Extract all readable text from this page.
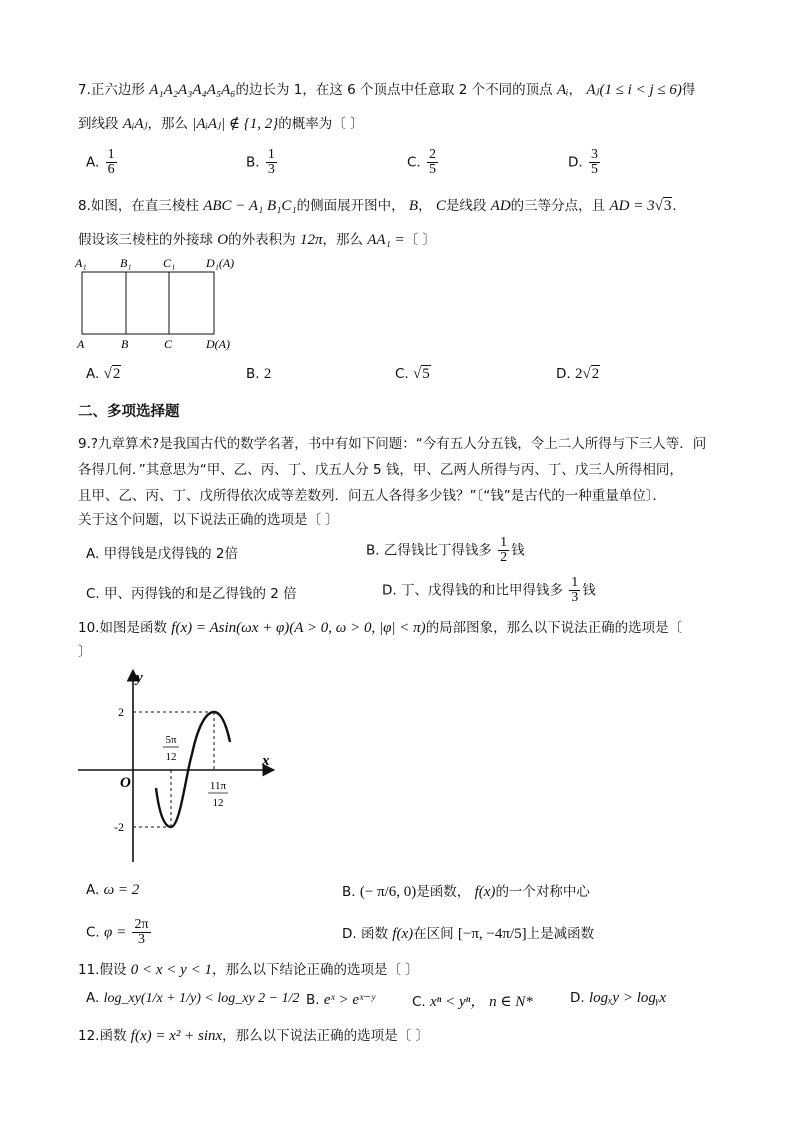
7.正六边形 A₁A₂A₃A₄A₅A₆的边长为 1，在这 6 个顶点中任意取 2 个不同的顶点 Aᵢ， Aⱼ(1 ≤ i < j ≤ 6)得
到线段 AᵢAⱼ，那么 |AᵢAⱼ| ∉ {1, 2}的概率为〔 〕
A. $\frac{1}{6}$	B. $\frac{1}{3}$	C. $\frac{2}{5}$	D. $\frac{3}{5}$
8.如图，在直三棱柱 ABC − A₁ B₁C₁的侧面展开图中， B， C是线段 AD的三等分点，且 AD = 3√3．
假设该三棱柱的外接球 O的外表积为 12π，那么 AA₁ =〔 〕
A₁	B₁	C₁	D₁(A)
A	B	C	D(A)
A. √2	B. 2	C. √5	D. 2√2
二、多项选择题
9.?九章算术?是我国古代的数学名著，书中有如下问题：“今有五人分五钱，令上二人所得与下三人等．问
各得几何．”其意思为“甲、乙、丙、丁、戊五人分 5 钱，甲、乙两人所得与丙、丁、戊三人所得相同，
且甲、乙、丙、丁、戊所得依次成等差数列．问五人各得多少钱？”〔“钱”是古代的一种重量单位〕．
关于这个问题，以下说法正确的选项是〔 〕
A. 甲得钱是戊得钱的 2倍	B. 乙得钱比丁得钱多 $\frac{1}{2}$ 钱
C. 甲、丙得钱的和是乙得钱的 2 倍	D. 丁、戊得钱的和比甲得钱多 $\frac{1}{3}$ 钱
10.如图是函数 f(x) = Asin(ωx + φ)(A > 0, ω > 0, |φ| < π)的局部图象，那么以下说法正确的选项是〔
〕
y
x
O
2
-2
5π
12
11π
12
A. ω = 2	B. (− π/6, 0)是函数， f(x)的一个对称中心
C. $\varphi = \frac{2\pi}{3}$	D. 函数 f(x)在区间 [−π, −4π/5]上是减函数
11.假设 0 < x < y < 1，那么以下结论正确的选项是〔 〕
A. log_xy(1/x + 1/y) < log_xy 2 − 1/2 B. eˣ > eˣ⁻ʸ	C. xⁿ < yⁿ， n ∈ N*	D. logₓy > logᵧx
12.函数 f(x) = x² + sinx，那么以下说法正确的选项是〔 〕
